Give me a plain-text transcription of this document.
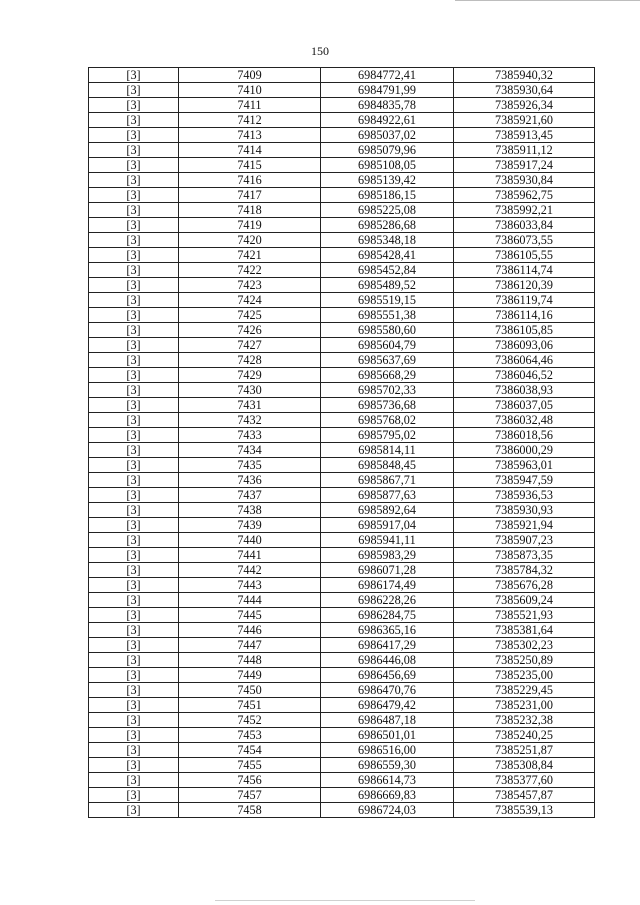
150
[3]	7409	6984772,41	7385940,32
[3]	7410	6984791,99	7385930,64
[3]	7411	6984835,78	7385926,34
[3]	7412	6984922,61	7385921,60
[3]	7413	6985037,02	7385913,45
[3]	7414	6985079,96	7385911,12
[3]	7415	6985108,05	7385917,24
[3]	7416	6985139,42	7385930,84
[3]	7417	6985186,15	7385962,75
[3]	7418	6985225,08	7385992,21
[3]	7419	6985286,68	7386033,84
[3]	7420	6985348,18	7386073,55
[3]	7421	6985428,41	7386105,55
[3]	7422	6985452,84	7386114,74
[3]	7423	6985489,52	7386120,39
[3]	7424	6985519,15	7386119,74
[3]	7425	6985551,38	7386114,16
[3]	7426	6985580,60	7386105,85
[3]	7427	6985604,79	7386093,06
[3]	7428	6985637,69	7386064,46
[3]	7429	6985668,29	7386046,52
[3]	7430	6985702,33	7386038,93
[3]	7431	6985736,68	7386037,05
[3]	7432	6985768,02	7386032,48
[3]	7433	6985795,02	7386018,56
[3]	7434	6985814,11	7386000,29
[3]	7435	6985848,45	7385963,01
[3]	7436	6985867,71	7385947,59
[3]	7437	6985877,63	7385936,53
[3]	7438	6985892,64	7385930,93
[3]	7439	6985917,04	7385921,94
[3]	7440	6985941,11	7385907,23
[3]	7441	6985983,29	7385873,35
[3]	7442	6986071,28	7385784,32
[3]	7443	6986174,49	7385676,28
[3]	7444	6986228,26	7385609,24
[3]	7445	6986284,75	7385521,93
[3]	7446	6986365,16	7385381,64
[3]	7447	6986417,29	7385302,23
[3]	7448	6986446,08	7385250,89
[3]	7449	6986456,69	7385235,00
[3]	7450	6986470,76	7385229,45
[3]	7451	6986479,42	7385231,00
[3]	7452	6986487,18	7385232,38
[3]	7453	6986501,01	7385240,25
[3]	7454	6986516,00	7385251,87
[3]	7455	6986559,30	7385308,84
[3]	7456	6986614,73	7385377,60
[3]	7457	6986669,83	7385457,87
[3]	7458	6986724,03	7385539,13
